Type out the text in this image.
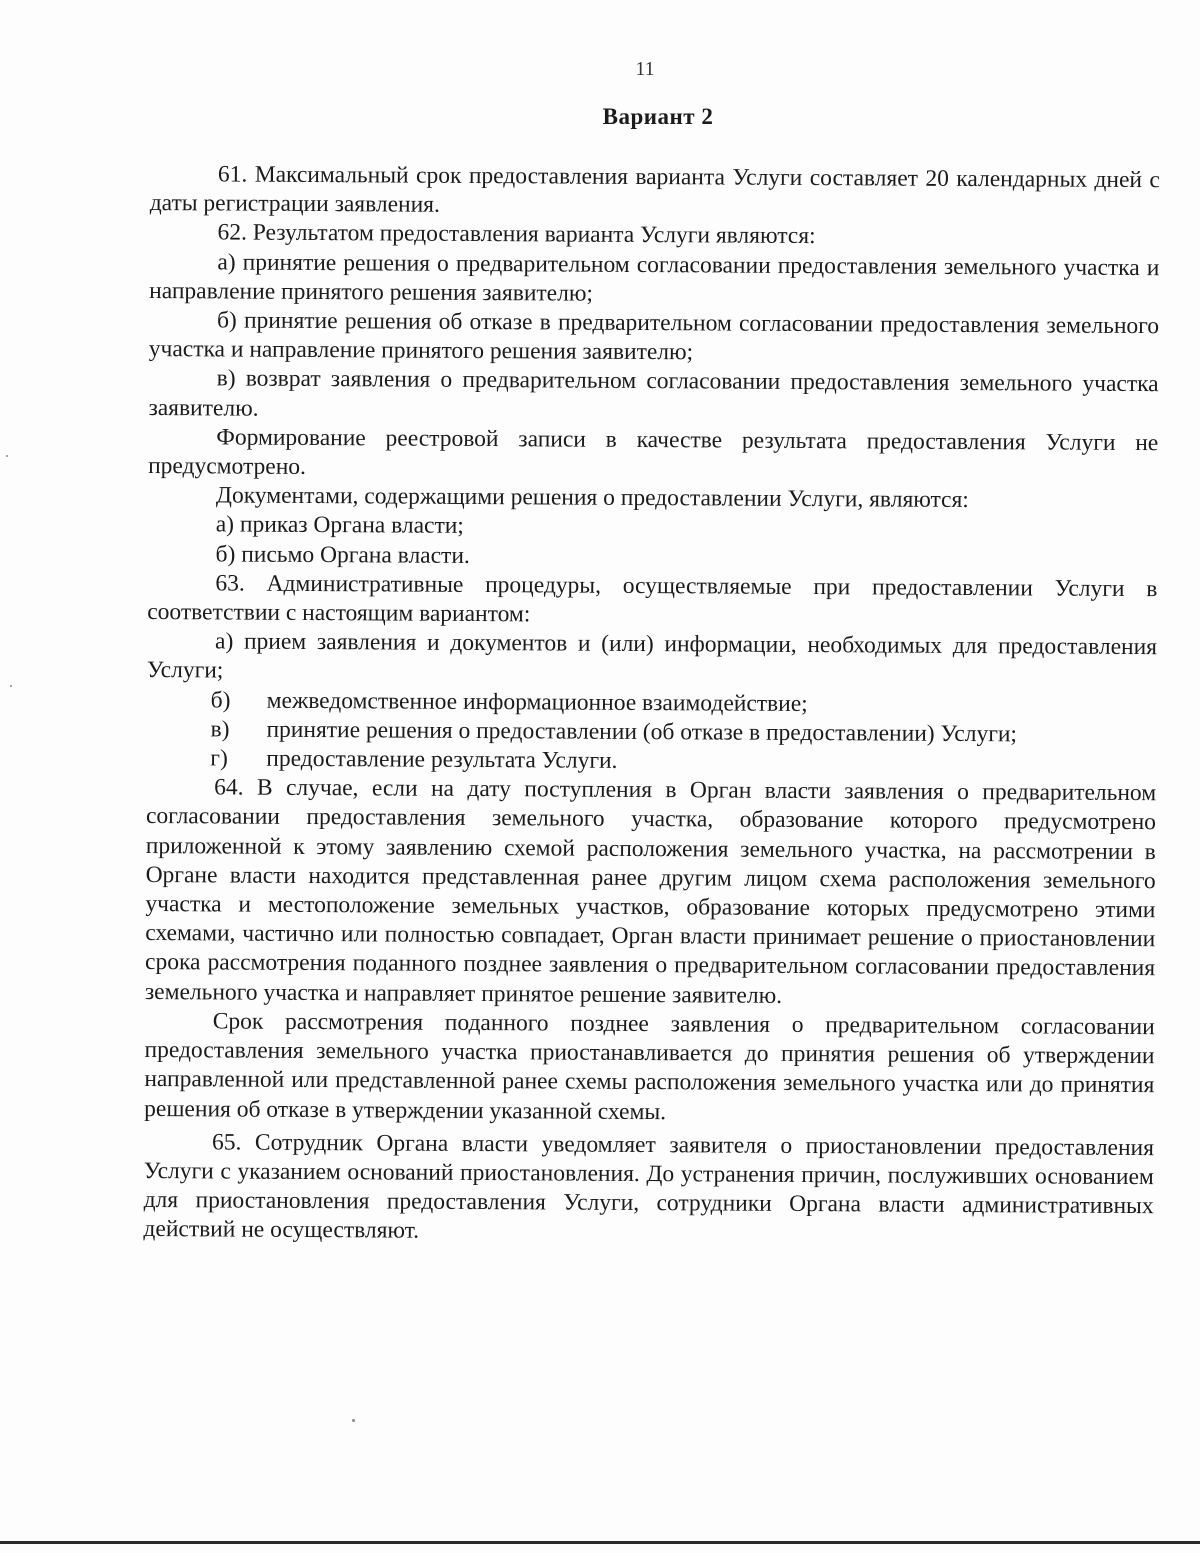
11
Вариант 2

61. Максимальный срок предоставления варианта Услуги составляет 20 календарных дней с даты регистрации заявления.

62. Результатом предоставления варианта Услуги являются:

а) принятие решения о предварительном согласовании предоставления земельного участка и направление принятого решения заявителю;

б) принятие решения об отказе в предварительном согласовании предоставления земельного участка и направление принятого решения заявителю;

в) возврат заявления о предварительном согласовании предоставления земельного участка заявителю.

Формирование реестровой записи в качестве результата предоставления Услуги не предусмотрено.

Документами, содержащими решения о предоставлении Услуги, являются:

а) приказ Органа власти;

б) письмо Органа власти.

63. Административные процедуры, осуществляемые при предоставлении Услуги в соответствии с настоящим вариантом:

а) прием заявления и документов и (или) информации, необходимых для предоставления Услуги;

б)	межведомственное информационное взаимодействие;
в)	принятие решения о предоставлении (об отказе в предоставлении) Услуги;
г)	предоставление результата Услуги.

64. В случае, если на дату поступления в Орган власти заявления о предварительном согласовании предоставления земельного участка, образование которого предусмотрено приложенной к этому заявлению схемой расположения земельного участка, на рассмотрении в Органе власти находится представленная ранее другим лицом схема расположения земельного участка и местоположение земельных участков, образование которых предусмотрено этими схемами, частично или полностью совпадает, Орган власти принимает решение о приостановлении срока рассмотрения поданного позднее заявления о предварительном согласовании предоставления земельного участка и направляет принятое решение заявителю.

Срок рассмотрения поданного позднее заявления о предварительном согласовании предоставления земельного участка приостанавливается до принятия решения об утверждении направленной или представленной ранее схемы расположения земельного участка или до принятия решения об отказе в утверждении указанной схемы.

65. Сотрудник Органа власти уведомляет заявителя о приостановлении предоставления Услуги с указанием оснований приостановления. До устранения причин, послуживших основанием для приостановления предоставления Услуги, сотрудники Органа власти административных действий не осуществляют.
